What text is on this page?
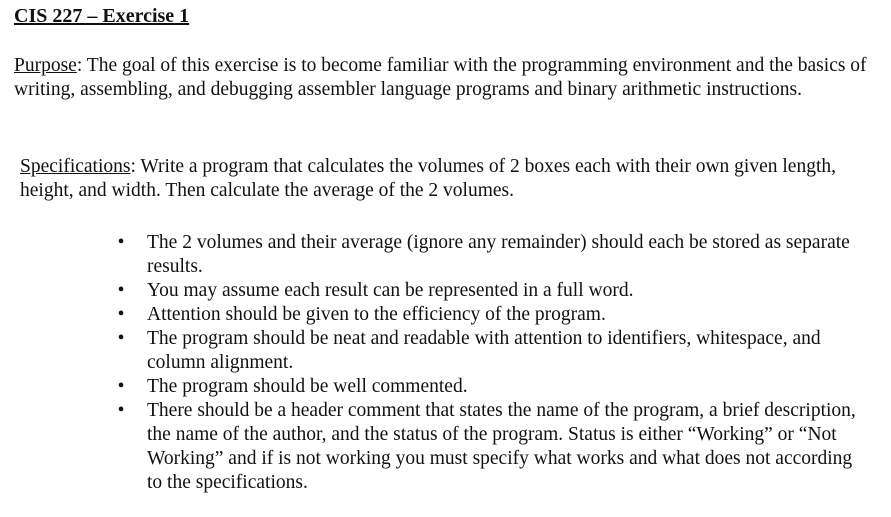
CIS 227 – Exercise 1

Purpose: The goal of this exercise is to become familiar with the programming environment and the basics of writing, assembling, and debugging assembler language programs and binary arithmetic instructions.

Specifications: Write a program that calculates the volumes of 2 boxes each with their own given length, height, and width. Then calculate the average of the 2 volumes.

•	The 2 volumes and their average (ignore any remainder) should each be stored as separate results.
•	You may assume each result can be represented in a full word.
•	Attention should be given to the efficiency of the program.
•	The program should be neat and readable with attention to identifiers, whitespace, and column alignment.
•	The program should be well commented.
•	There should be a header comment that states the name of the program, a brief description, the name of the author, and the status of the program. Status is either “Working” or “Not Working” and if is not working you must specify what works and what does not according to the specifications.
